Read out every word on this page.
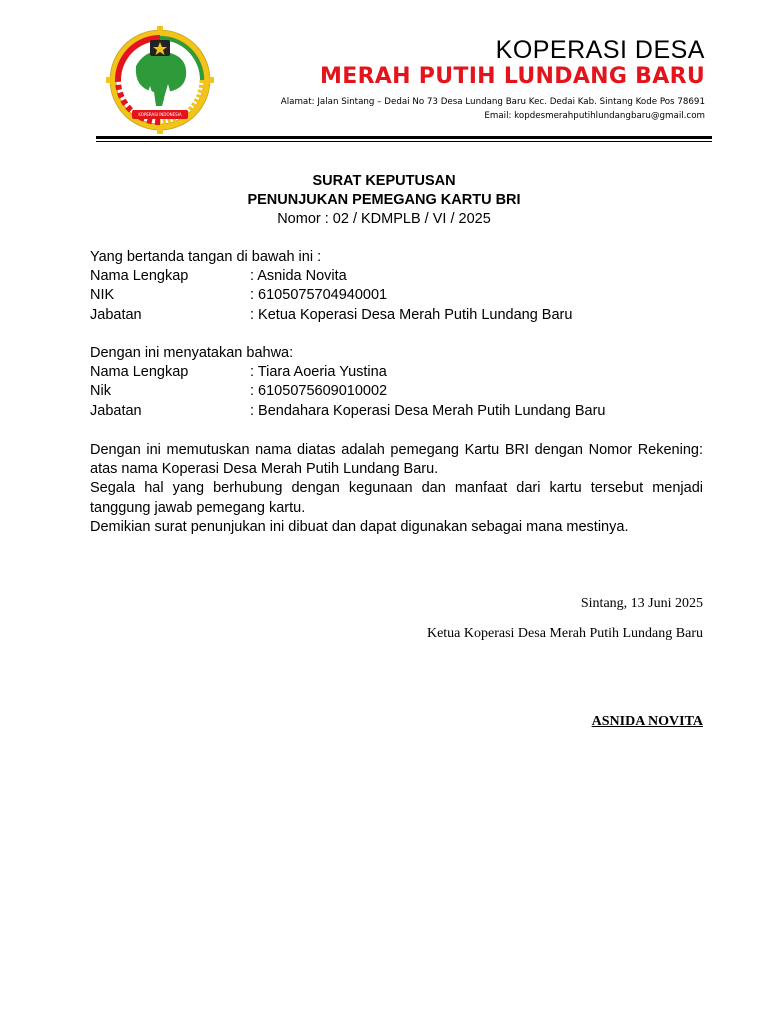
KOPERASI INDONESIA
KOPERASI DESA
MERAH PUTIH LUNDANG BARU
Alamat: Jalan Sintang – Dedai No 73 Desa Lundang Baru Kec. Dedai Kab. Sintang Kode Pos 78691
Email: kopdesmerahputihlundangbaru@gmail.com
SURAT KEPUTUSAN
PENUNJUKAN PEMEGANG KARTU BRI
Nomor : 02 / KDMPLB / VI / 2025
Yang bertanda tangan di bawah ini :
Nama Lengkap	: Asnida Novita
NIK	: 6105075704940001
Jabatan	: Ketua Koperasi Desa Merah Putih Lundang Baru
Dengan ini menyatakan bahwa:
Nama Lengkap	: Tiara Aoeria Yustina
Nik	: 6105075609010002
Jabatan	: Bendahara Koperasi Desa Merah Putih Lundang Baru
Dengan ini memutuskan nama diatas adalah pemegang Kartu BRI dengan Nomor Rekening: atas nama Koperasi Desa Merah Putih Lundang Baru.
Segala hal yang berhubung dengan kegunaan dan manfaat dari kartu tersebut menjadi tanggung jawab pemegang kartu.
Demikian surat penunjukan ini dibuat dan dapat digunakan sebagai mana mestinya.
Sintang, 13 Juni 2025
Ketua Koperasi Desa Merah Putih Lundang Baru
ASNIDA NOVITA
